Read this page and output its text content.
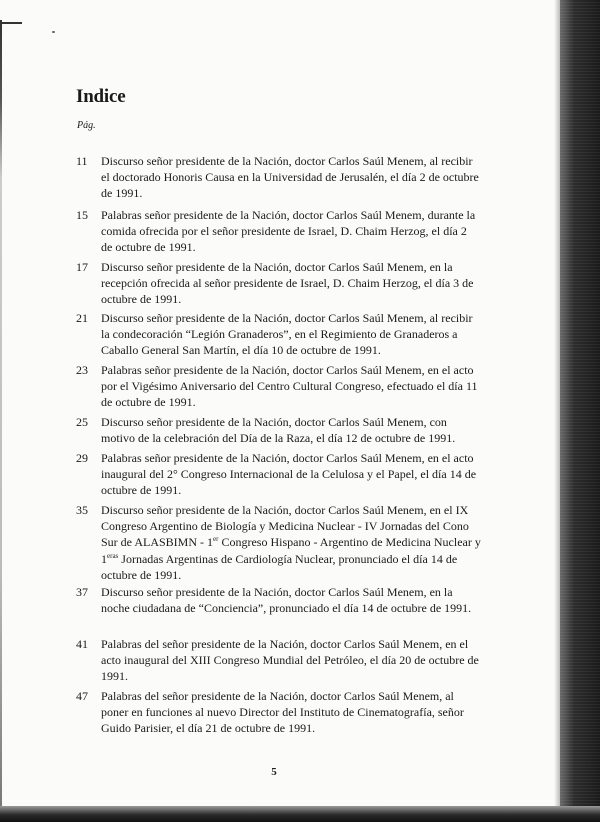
Indice
Pág.
11	Discurso señor presidente de la Nación, doctor Carlos Saúl Menem, al recibir el doctorado Honoris Causa en la Universidad de Jerusalén, el día 2 de octubre de 1991.
15	Palabras señor presidente de la Nación, doctor Carlos Saúl Menem, durante la comida ofrecida por el señor presidente de Israel, D. Chaim Herzog, el día 2 de octubre de 1991.
17	Discurso señor presidente de la Nación, doctor Carlos Saúl Menem, en la recepción ofrecida al señor presidente de Israel, D. Chaim Herzog, el día 3 de octubre de 1991.
21	Discurso señor presidente de la Nación, doctor Carlos Saúl Menem, al recibir la condecoración “Legión Granaderos”, en el Regimiento de Granaderos a Caballo General San Martín, el día 10 de octubre de 1991.
23	Palabras señor presidente de la Nación, doctor Carlos Saúl Menem, en el acto por el Vigésimo Aniversario del Centro Cultural Congreso, efectuado el día 11 de octubre de 1991.
25	Discurso señor presidente de la Nación, doctor Carlos Saúl Menem, con motivo de la celebración del Día de la Raza, el día 12 de octubre de 1991.
29	Palabras señor presidente de la Nación, doctor Carlos Saúl Menem, en el acto inaugural del 2° Congreso Internacional de la Celulosa y el Papel, el día 14 de octubre de 1991.
35	Discurso señor presidente de la Nación, doctor Carlos Saúl Menem, en el IX Congreso Argentino de Biología y Medicina Nuclear - IV Jornadas del Cono Sur de ALASBIMN - 1er Congreso Hispano - Argentino de Medicina Nuclear y $1^{eras}$ Jornadas Argentinas de Cardiología Nuclear, pronunciado el día 14 de octubre de 1991.
37	Discurso señor presidente de la Nación, doctor Carlos Saúl Menem, en la noche ciudadana de “Conciencia”, pronunciado el día 14 de octubre de 1991.
41	Palabras del señor presidente de la Nación, doctor Carlos Saúl Menem, en el acto inaugural del XIII Congreso Mundial del Petróleo, el día 20 de octubre de 1991.
47	Palabras del señor presidente de la Nación, doctor Carlos Saúl Menem, al poner en funciones al nuevo Director del Instituto de Cinematografía, señor Guido Parisier, el día 21 de octubre de 1991.
5
